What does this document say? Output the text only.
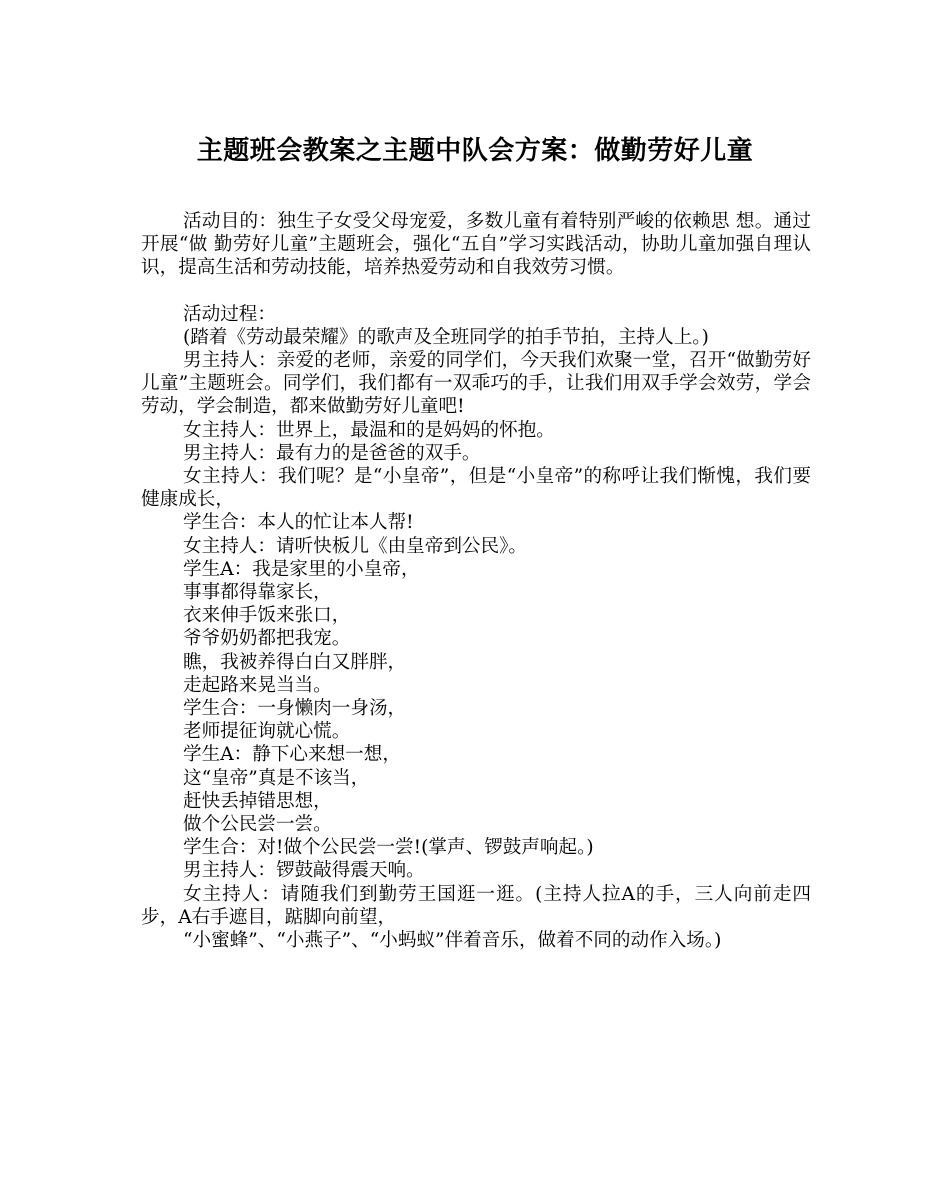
主题班会教案之主题中队会方案：做勤劳好儿童

活动目的：独生子女受父母宠爱，多数儿童有着特别严峻的依赖思 想。通过开展“做 勤劳好儿童”主题班会，强化“五自”学习实践活动，协助儿童加强自理认识，提高生活和劳动技能，培养热爱劳动和自我效劳习惯。

活动过程：

(踏着《劳动最荣耀》的歌声及全班同学的拍手节拍，主持人上。)

男主持人：亲爱的老师，亲爱的同学们，今天我们欢聚一堂，召开“做勤劳好儿童”主题班会。同学们，我们都有一双乖巧的手，让我们用双手学会效劳，学会劳动，学会制造，都来做勤劳好儿童吧!

女主持人：世界上，最温和的是妈妈的怀抱。

男主持人：最有力的是爸爸的双手。

女主持人：我们呢？是“小皇帝”，但是“小皇帝”的称呼让我们惭愧，我们要健康成长，

学生合：本人的忙让本人帮!

女主持人：请听快板儿《由皇帝到公民》。

学生A：我是家里的小皇帝，

事事都得靠家长，

衣来伸手饭来张口，

爷爷奶奶都把我宠。

瞧，我被养得白白又胖胖，

走起路来晃当当。

学生合：一身懒肉一身汤，

老师提征询就心慌。

学生A：静下心来想一想，

这“皇帝”真是不该当，

赶快丢掉错思想，

做个公民尝一尝。

学生合：对!做个公民尝一尝!(掌声、锣鼓声响起。)

男主持人：锣鼓敲得震天响。

女主持人：请随我们到勤劳王国逛一逛。(主持人拉A的手，三人向前走四步，A右手遮目，踮脚向前望，

“小蜜蜂”、“小燕子”、“小蚂蚁”伴着音乐，做着不同的动作入场。)
